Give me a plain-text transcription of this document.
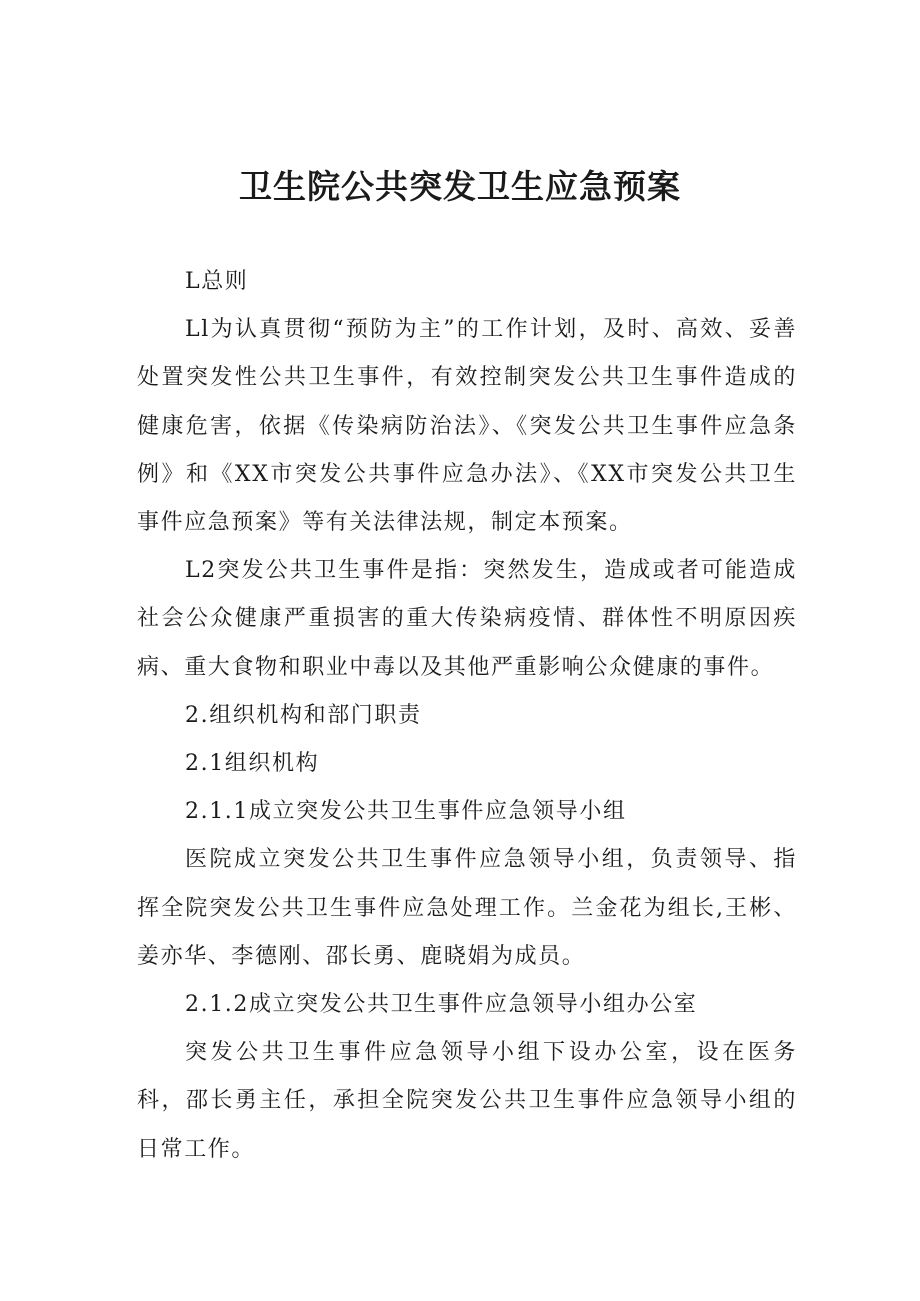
卫生院公共突发卫生应急预案

L总则

Ll为认真贯彻“预防为主”的工作计划，及时、高效、妥善处置突发性公共卫生事件，有效控制突发公共卫生事件造成的健康危害，依据《传染病防治法》、《突发公共卫生事件应急条例》和《XX市突发公共事件应急办法》、《XX市突发公共卫生事件应急预案》等有关法律法规，制定本预案。

L2突发公共卫生事件是指：突然发生，造成或者可能造成社会公众健康严重损害的重大传染病疫情、群体性不明原因疾病、重大食物和职业中毒以及其他严重影响公众健康的事件。

2.组织机构和部门职责

2.1组织机构

2.1.1成立突发公共卫生事件应急领导小组

医院成立突发公共卫生事件应急领导小组，负责领导、指挥全院突发公共卫生事件应急处理工作。兰金花为组长,王彬、姜亦华、李德刚、邵长勇、鹿晓娟为成员。

2.1.2成立突发公共卫生事件应急领导小组办公室

突发公共卫生事件应急领导小组下设办公室，设在医务科，邵长勇主任，承担全院突发公共卫生事件应急领导小组的日常工作。
